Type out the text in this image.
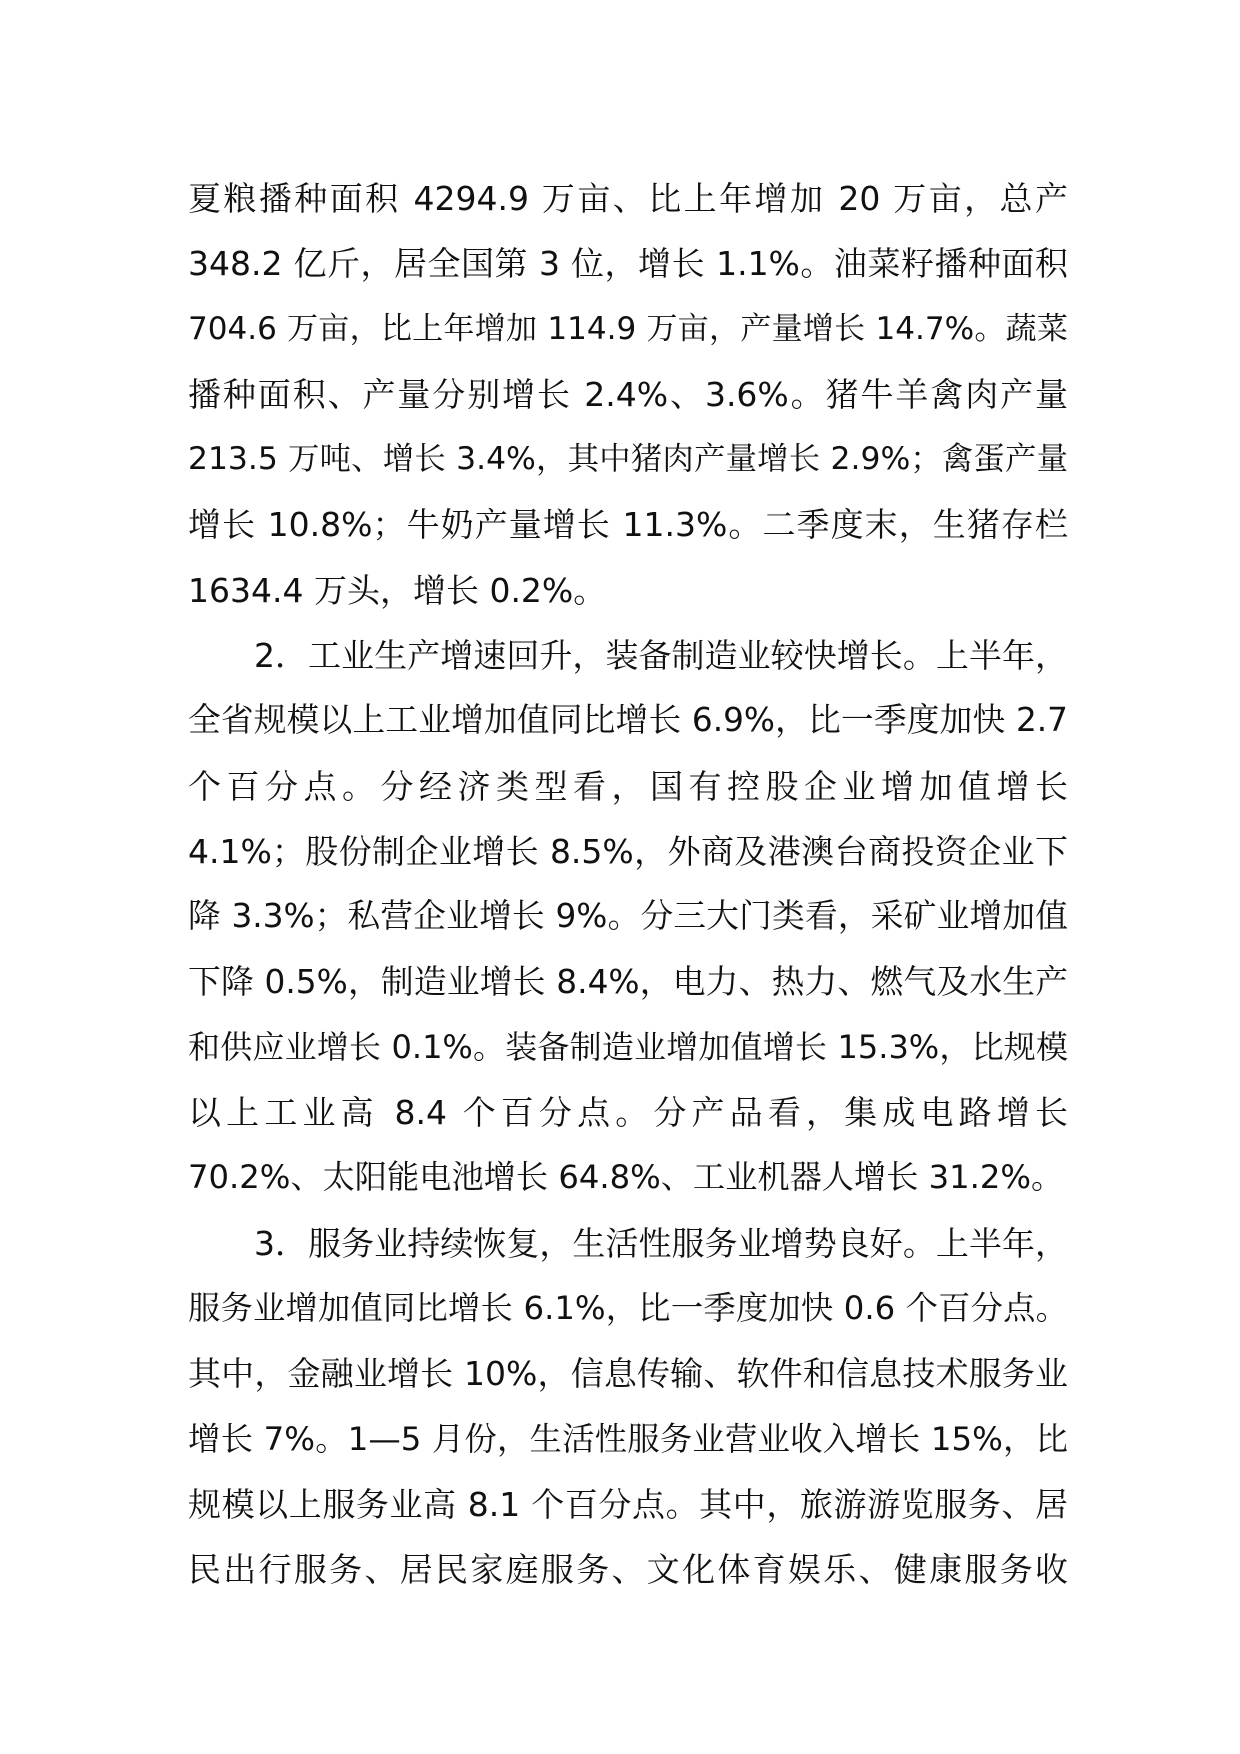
夏粮播种面积 4294.9 万亩、比上年增加 20 万亩，总产
348.2 亿斤，居全国第 3 位，增长 1.1%。油菜籽播种面积
704.6 万亩，比上年增加 114.9 万亩，产量增长 14.7%。蔬菜
播种面积、产量分别增长 2.4%、3.6%。猪牛羊禽肉产量
213.5 万吨、增长 3.4%，其中猪肉产量增长 2.9%；禽蛋产量
增长 10.8%；牛奶产量增长 11.3%。二季度末，生猪存栏
1634.4 万头，增长 0.2%。
2．工业生产增速回升，装备制造业较快增长。上半年，
全省规模以上工业增加值同比增长 6.9%，比一季度加快 2.7
个百分点。分经济类型看，国有控股企业增加值增长
4.1%；股份制企业增长 8.5%，外商及港澳台商投资企业下
降 3.3%；私营企业增长 9%。分三大门类看，采矿业增加值
下降 0.5%，制造业增长 8.4%，电力、热力、燃气及水生产
和供应业增长 0.1%。装备制造业增加值增长 15.3%，比规模
以上工业高 8.4 个百分点。分产品看，集成电路增长
70.2%、太阳能电池增长 64.8%、工业机器人增长 31.2%。
3．服务业持续恢复，生活性服务业增势良好。上半年，
服务业增加值同比增长 6.1%，比一季度加快 0.6 个百分点。
其中，金融业增长 10%，信息传输、软件和信息技术服务业
增长 7%。1—5 月份，生活性服务业营业收入增长 15%，比
规模以上服务业高 8.1 个百分点。其中，旅游游览服务、居
民出行服务、居民家庭服务、文化体育娱乐、健康服务收
